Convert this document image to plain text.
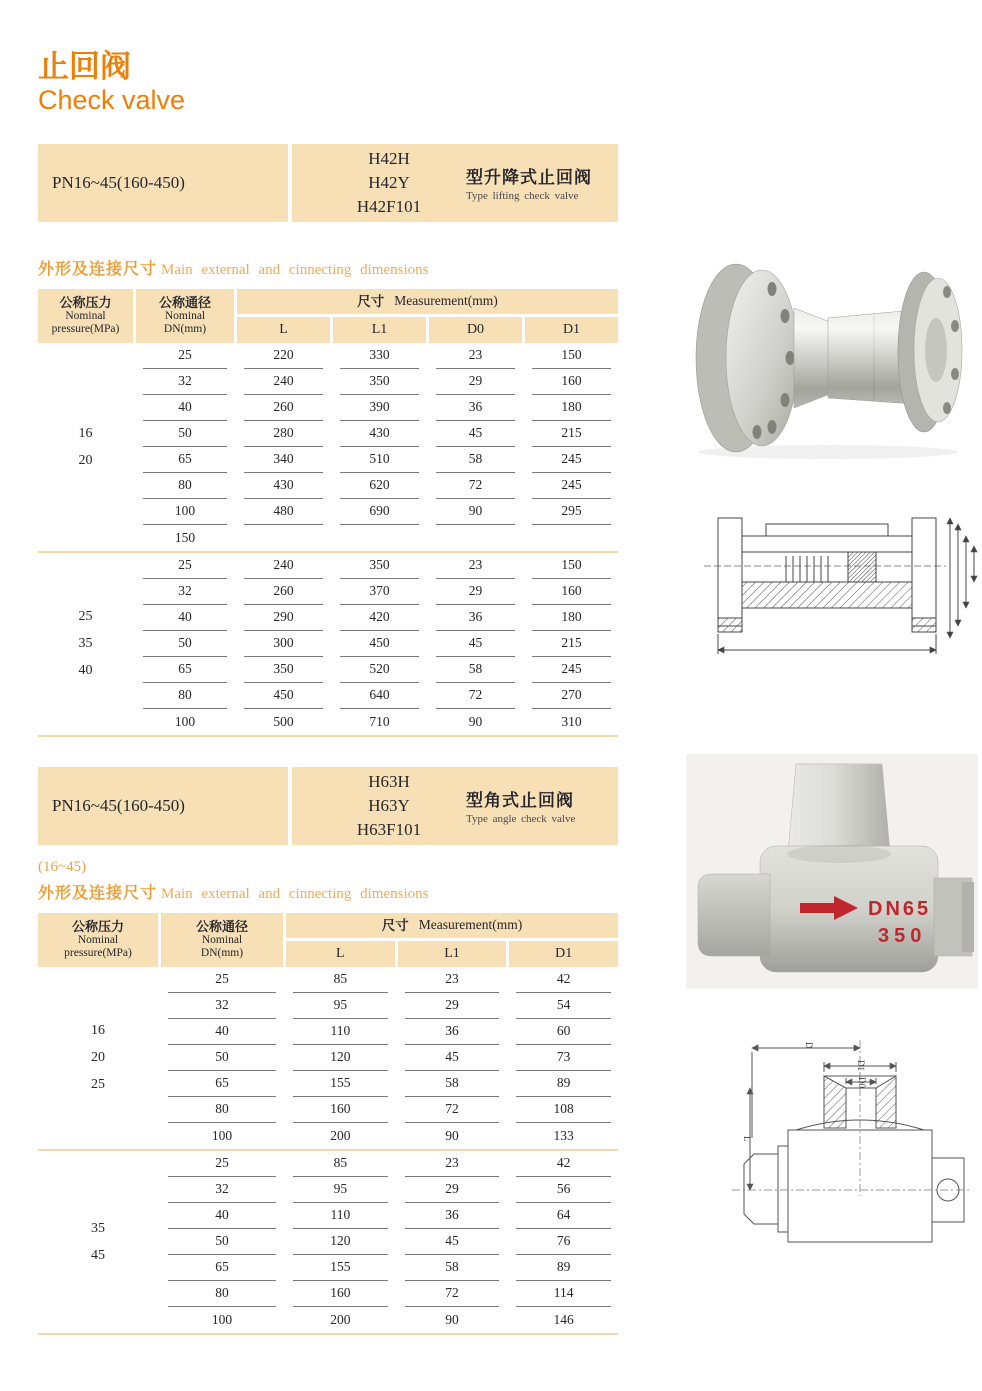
止回阀
Check valve
PN16~45(160-450)
H42H
H42Y
H42F101
型升降式止回阀
Type lifting check valve
外形及连接尺寸 Main external and cinnecting dimensions
公称压力
Nominal
pressure(MPa)
公称通径
Nominal
DN(mm)
尺寸 Measurement(mm)
L	L1	D0	D1
16
20
25	220	330	23	150
32	240	350	29	160
40	260	390	36	180
50	280	430	45	215
65	340	510	58	245
80	430	620	72	245
100	480	690	90	295
150
25
35
40
25	240	350	23	150
32	260	370	29	160
40	290	420	36	180
50	300	450	45	215
65	350	520	58	245
80	450	640	72	270
100	500	710	90	310
PN16~45(160-450)
H63H
H63Y
H63F101
型角式止回阀
Type angle check valve
(16~45)
外形及连接尺寸 Main external and cinnecting dimensions
公称压力
Nominal
pressure(MPa)
公称通径
Nominal
DN(mm)
尺寸 Measurement(mm)
L	L1	D1
16
20
25
25	85	23	42
32	95	29	54
40	110	36	60
50	120	45	73
65	155	58	89
80	160	72	108
100	200	90	133
35
45
25	85	23	42
32	95	29	56
40	110	36	64
50	120	45	76
65	155	58	89
80	160	72	114
100	200	90	146
DN65
350
D
D1
D0
L
